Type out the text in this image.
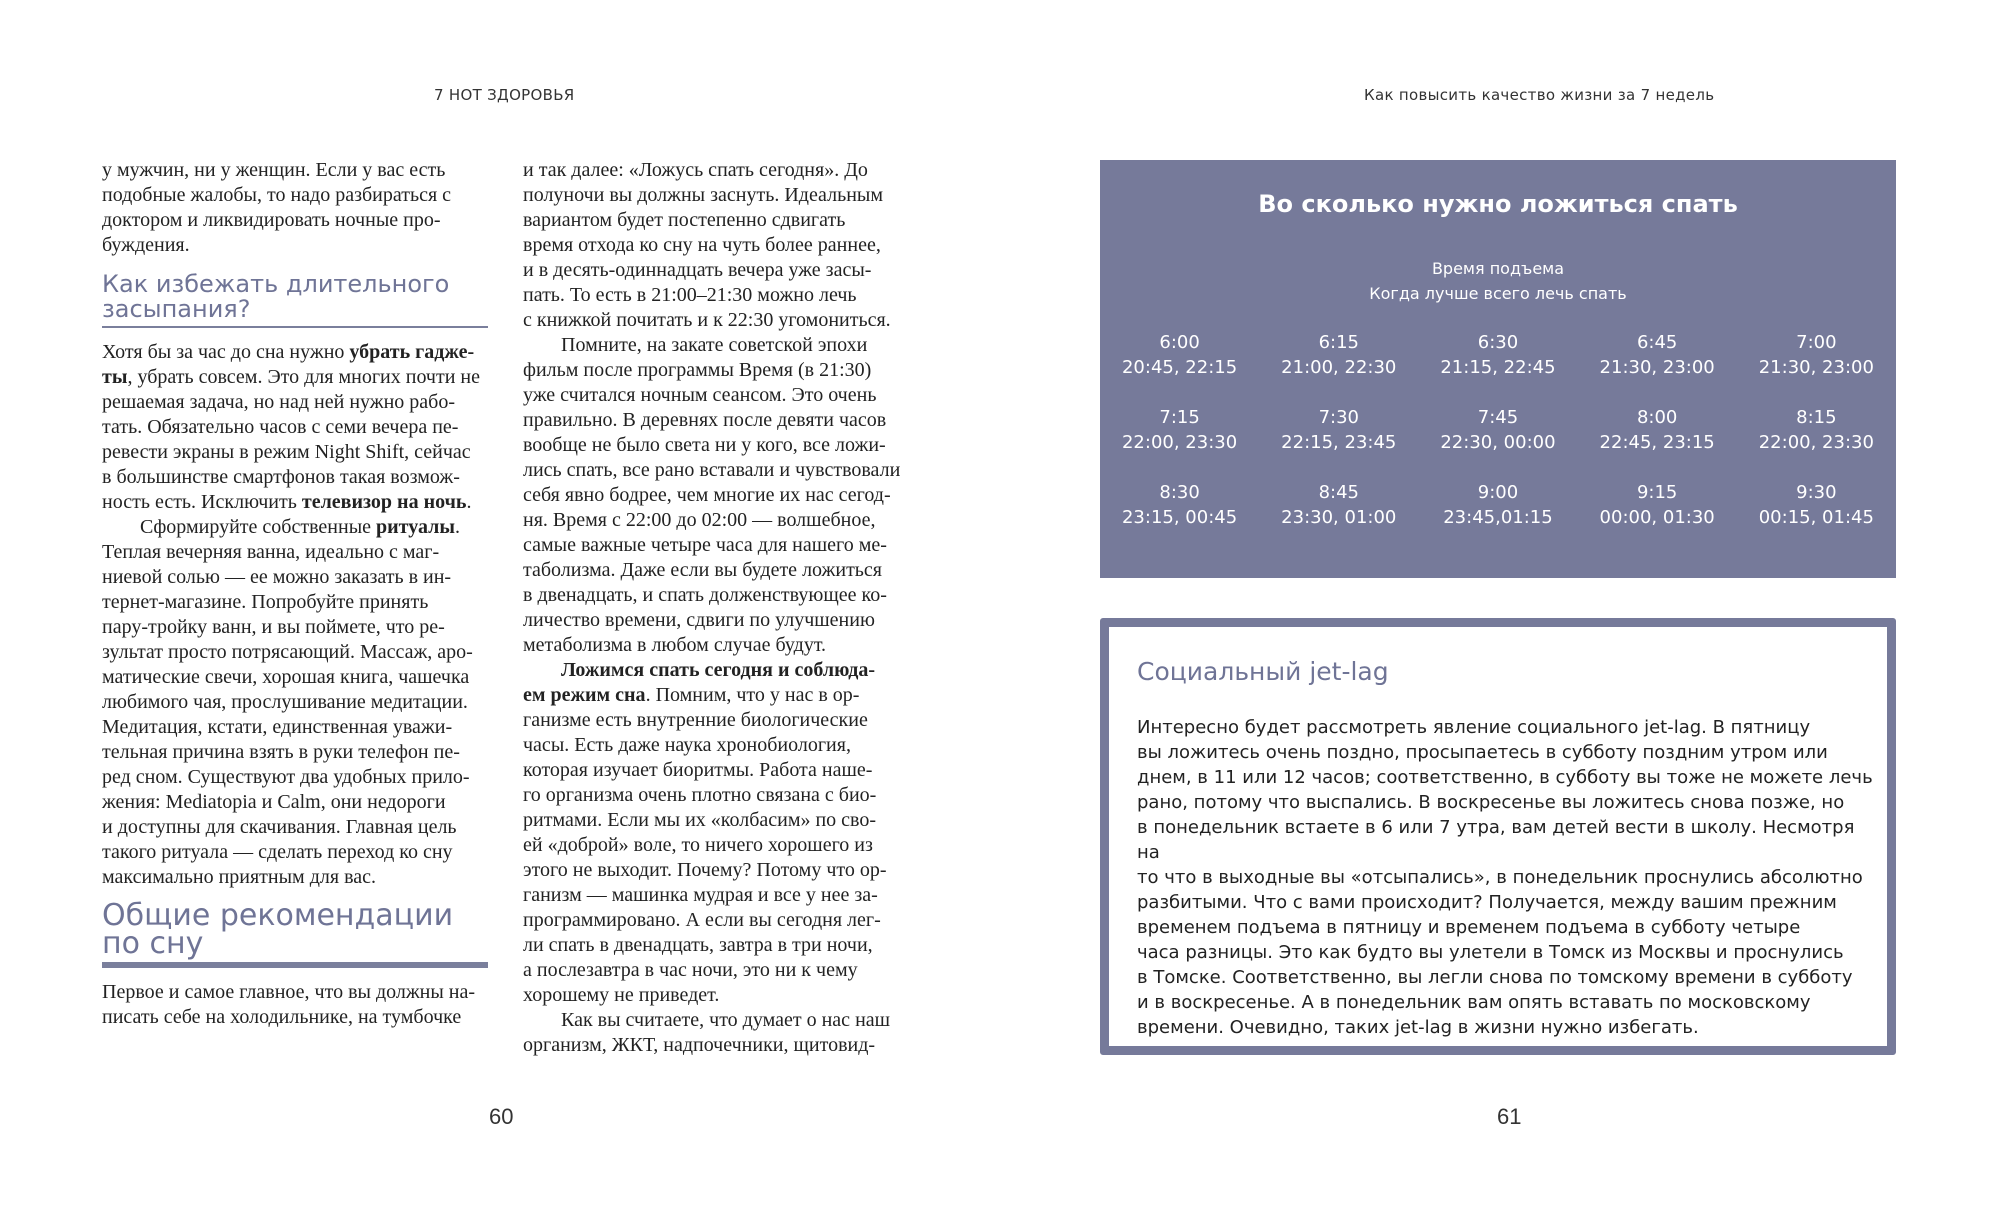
7 НОТ ЗДОРОВЬЯ

у мужчин, ни у женщин. Если у вас есть

подобные жалобы, то надо разбираться с

доктором и ликвидировать ночные про-

буждения.

Как избежать длительного
засыпания?

Хотя бы за час до сна нужно убрать гадже-

ты, убрать совсем. Это для многих почти не

решаемая задача, но над ней нужно рабо-

тать. Обязательно часов с семи вечера пе-

ревести экраны в режим Night Shift, сейчас

в большинстве смартфонов такая возмож-

ность есть. Исключить телевизор на ночь.

Сформируйте собственные ритуалы.

Теплая вечерняя ванна, идеально с маг-

ниевой солью — ее можно заказать в ин-

тернет-магазине. Попробуйте принять

пару-тройку ванн, и вы поймете, что ре-

зультат просто потрясающий. Массаж, аро-

матические свечи, хорошая книга, чашечка

любимого чая, прослушивание медитации.

Медитация, кстати, единственная уважи-

тельная причина взять в руки телефон пе-

ред сном. Существуют два удобных прило-

жения: Mediatopia и Calm, они недороги

и доступны для скачивания. Главная цель

такого ритуала — сделать переход ко сну

максимально приятным для вас.

Общие рекомендации
по сну

Первое и самое главное, что вы должны на-

писать себе на холодильнике, на тумбочке

и так далее: «Ложусь спать сегодня». До

полуночи вы должны заснуть. Идеальным

вариантом будет постепенно сдвигать

время отхода ко сну на чуть более раннее,

и в десять-одиннадцать вечера уже засы-

пать. То есть в 21:00–21:30 можно лечь

с книжкой почитать и к 22:30 угомониться.

Помните, на закате советской эпохи

фильм после программы Время (в 21:30)

уже считался ночным сеансом. Это очень

правильно. В деревнях после девяти часов

вообще не было света ни у кого, все ложи-

лись спать, все рано вставали и чувствовали

себя явно бодрее, чем многие их нас сегод-

ня. Время с 22:00 до 02:00 — волшебное,

самые важные четыре часа для нашего ме-

таболизма. Даже если вы будете ложиться

в двенадцать, и спать долженствующее ко-

личество времени, сдвиги по улучшению

метаболизма в любом случае будут.

Ложимся спать сегодня и соблюда-

ем режим сна. Помним, что у нас в ор-

ганизме есть внутренние биологические

часы. Есть даже наука хронобиология,

которая изучает биоритмы. Работа наше-

го организма очень плотно связана с био-

ритмами. Если мы их «колбасим» по сво-

ей «доброй» воле, то ничего хорошего из

этого не выходит. Почему? Потому что ор-

ганизм — машинка мудрая и все у нее за-

программировано. А если вы сегодня лег-

ли спать в двенадцать, завтра в три ночи,

а послезавтра в час ночи, это ни к чему

хорошему не приведет.

Как вы считаете, что думает о нас наш

организм, ЖКТ, надпочечники, щитовид-

60
Как повысить качество жизни за 7 недель
Во сколько нужно ложиться спать
Время подъема
Когда лучше всего лечь спать
6:00
20:45, 22:15
6:15
21:00, 22:30
6:30
21:15, 22:45
6:45
21:30, 23:00
7:00
21:30, 23:00
7:15
22:00, 23:30
7:30
22:15, 23:45
7:45
22:30, 00:00
8:00
22:45, 23:15
8:15
22:00, 23:30
8:30
23:15, 00:45
8:45
23:30, 01:00
9:00
23:45,01:15
9:15
00:00, 01:30
9:30
00:15, 01:45
Социальный jet-lag

Интересно будет рассмотреть явление социального jet-lag. В пятницу

вы ложитесь очень поздно, просыпаетесь в субботу поздним утром или

днем, в 11 или 12 часов; соответственно, в субботу вы тоже не можете лечь

рано, потому что выспались. В воскресенье вы ложитесь снова позже, но

в понедельник встаете в 6 или 7 утра, вам детей вести в школу. Несмотря на

то что в выходные вы «отсыпались», в понедельник проснулись абсолютно

разбитыми. Что с вами происходит? Получается, между вашим прежним

временем подъема в пятницу и временем подъема в субботу четыре

часа разницы. Это как будто вы улетели в Томск из Москвы и проснулись

в Томске. Соответственно, вы легли снова по томскому времени в субботу

и в воскресенье. А в понедельник вам опять вставать по московскому

времени. Очевидно, таких jet-lag в жизни нужно избегать.

61
